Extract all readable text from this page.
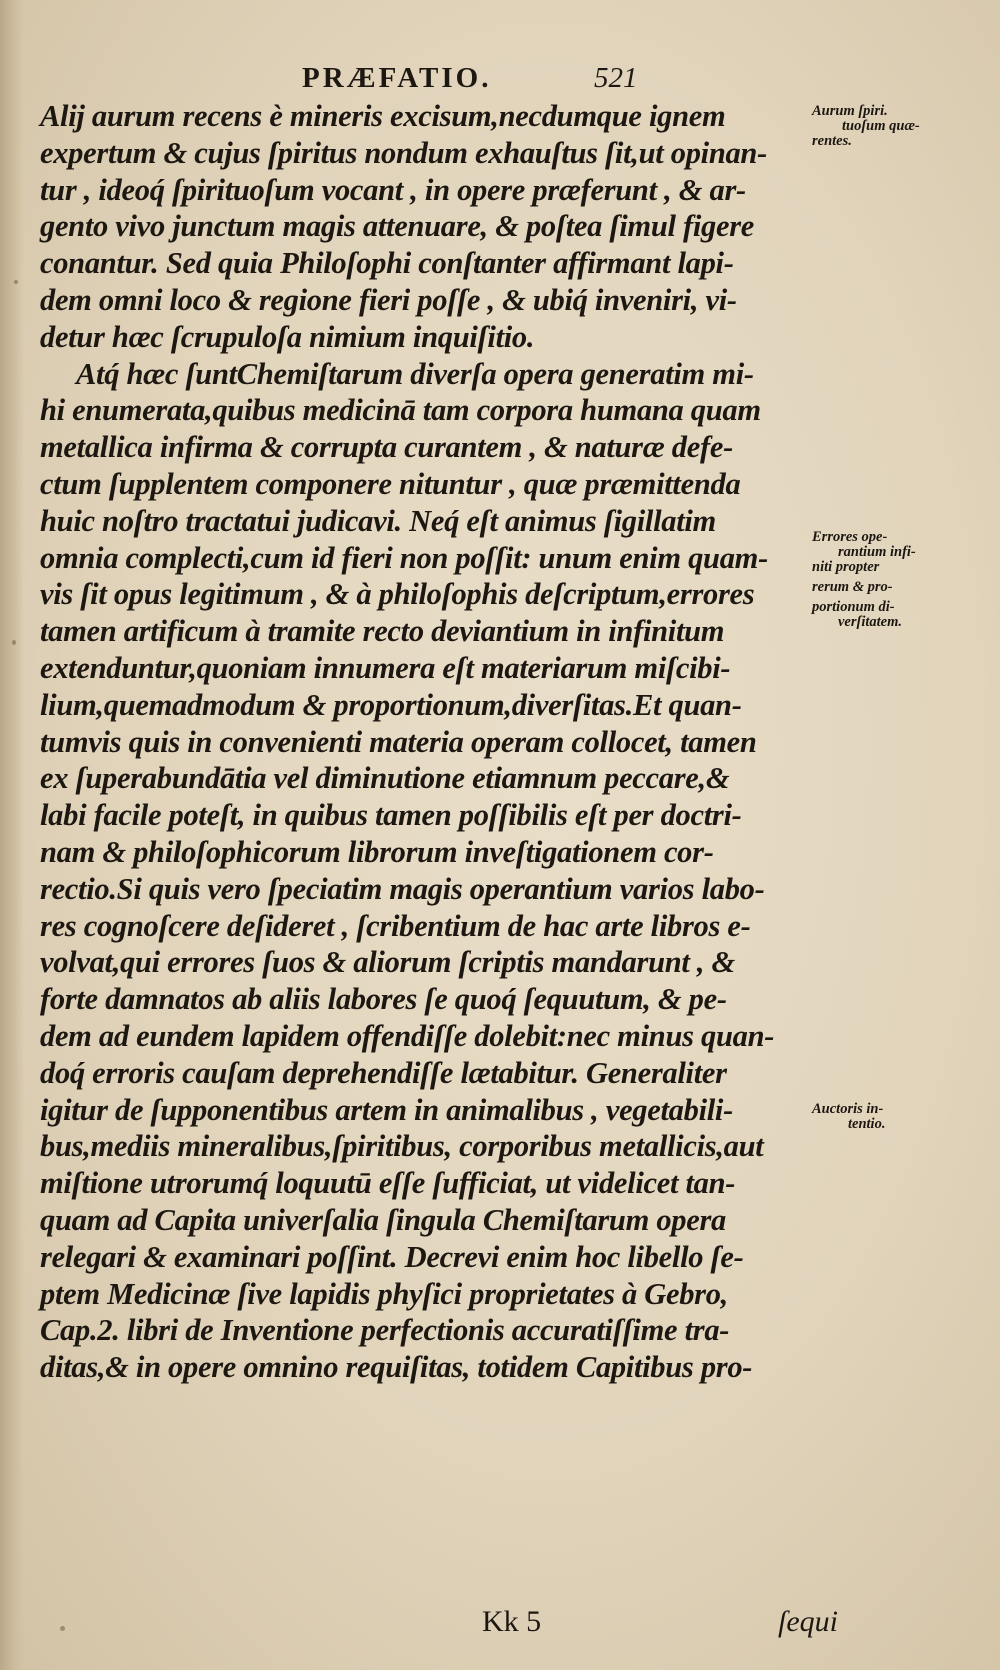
PRÆFATIO.	521
Alij aurum recens è mineris excisum,necdumque ignem
expertum & cujus ſpiritus nondum exhauſtus ſit,ut opinan-
tur , ideoq́ ſpirituoſum vocant , in opere præferunt , & ar-
gento vivo junctum magis attenuare, & poſtea ſimul figere
conantur. Sed quia Philoſophi conſtanter affirmant lapi-
dem omni loco & regione fieri poſſe , & ubiq́ inveniri, vi-
detur hæc ſcrupuloſa nimium inquiſitio.
Atq́ hæc ſuntChemiſtarum diverſa opera generatim mi-
hi enumerata,quibus medicinā tam corpora humana quam
metallica infirma & corrupta curantem , & naturæ defe-
ctum ſupplentem componere nituntur , quæ præmittenda
huic noſtro tractatui judicavi. Neq́ eſt animus ſigillatim
omnia complecti,cum id fieri non poſſit: unum enim quam-
vis ſit opus legitimum , & à philoſophis deſcriptum,errores
tamen artificum à tramite recto deviantium in infinitum
extenduntur,quoniam innumera eſt materiarum miſcibi-
lium,quemadmodum & proportionum,diverſitas.Et quan-
tumvis quis in convenienti materia operam collocet, tamen
ex ſuperabundātia vel diminutione etiamnum peccare,&
labi facile poteſt, in quibus tamen poſſibilis eſt per doctri-
nam & philoſophicorum librorum inveſtigationem cor-
rectio.Si quis vero ſpeciatim magis operantium varios labo-
res cognoſcere deſideret , ſcribentium de hac arte libros e-
volvat,qui errores ſuos & aliorum ſcriptis mandarunt , &
forte damnatos ab aliis labores ſe quoq́ ſequutum, & pe-
dem ad eundem lapidem offendiſſe dolebit:nec minus quan-
doq́ erroris cauſam deprehendiſſe lætabitur. Generaliter
igitur de ſupponentibus artem in animalibus , vegetabili-
bus,mediis mineralibus,ſpiritibus, corporibus metallicis,aut
miſtione utrorumq́ loquutū eſſe ſufficiat, ut videlicet tan-
quam ad Capita univerſalia ſingula Chemiſtarum opera
relegari & examinari poſſint. Decrevi enim hoc libello ſe-
ptem Medicinæ ſive lapidis phyſici proprietates à Gebro,
Cap.2. libri de Inventione perfectionis accuratiſſime tra-
ditas,& in opere omnino requiſitas, totidem Capitibus pro-
Aurum ſpiri.
tuoſum quæ-
rentes.
Errores ope-
rantium infi-
niti propter
rerum & pro-
portionum di-
verſitatem.
Auctoris in-
tentio.
Kk 5	ſequi
